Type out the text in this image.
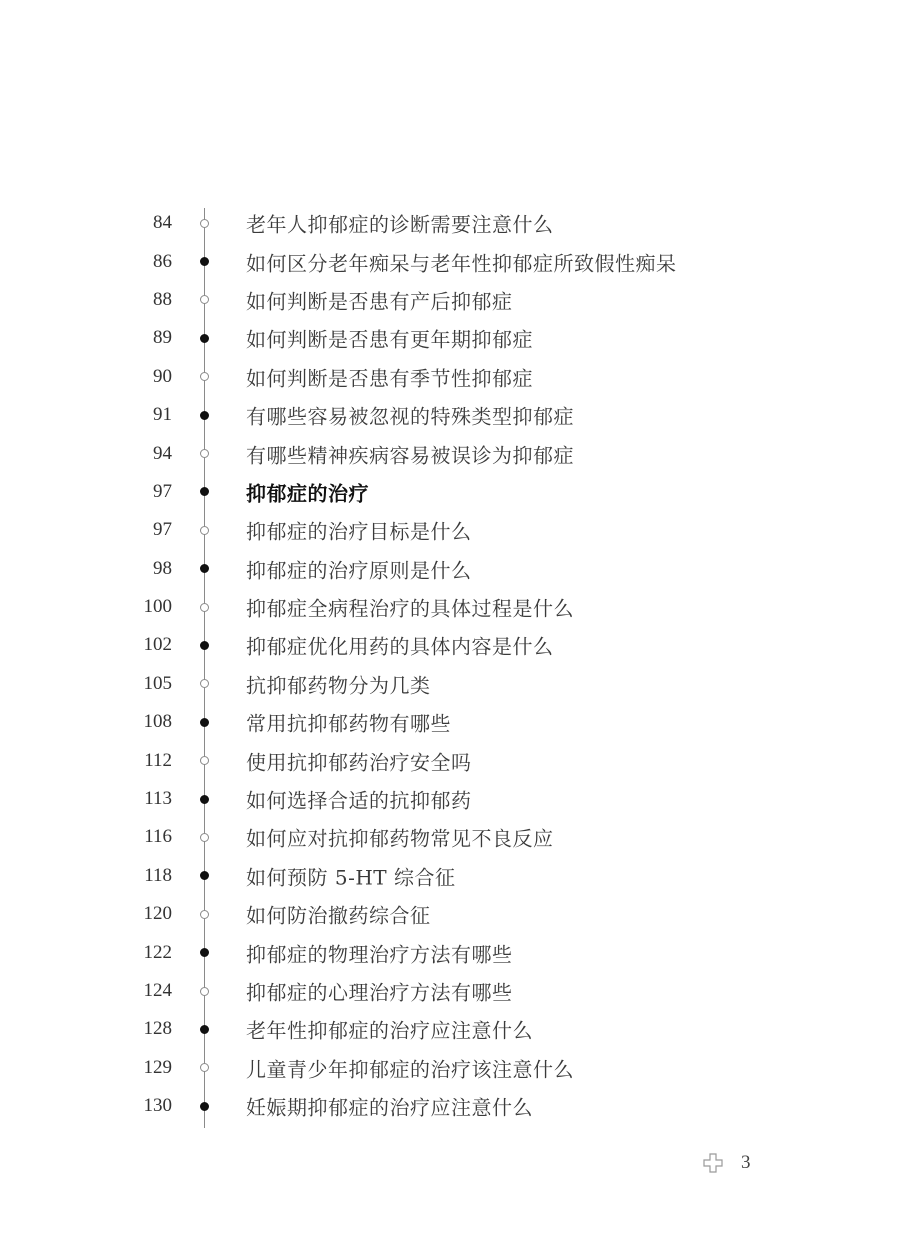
84	老年人抑郁症的诊断需要注意什么
86	如何区分老年痴呆与老年性抑郁症所致假性痴呆
88	如何判断是否患有产后抑郁症
89	如何判断是否患有更年期抑郁症
90	如何判断是否患有季节性抑郁症
91	有哪些容易被忽视的特殊类型抑郁症
94	有哪些精神疾病容易被误诊为抑郁症
97	抑郁症的治疗
97	抑郁症的治疗目标是什么
98	抑郁症的治疗原则是什么
100	抑郁症全病程治疗的具体过程是什么
102	抑郁症优化用药的具体内容是什么
105	抗抑郁药物分为几类
108	常用抗抑郁药物有哪些
112	使用抗抑郁药治疗安全吗
113	如何选择合适的抗抑郁药
116	如何应对抗抑郁药物常见不良反应
118	如何预防 5-HT 综合征
120	如何防治撤药综合征
122	抑郁症的物理治疗方法有哪些
124	抑郁症的心理治疗方法有哪些
128	老年性抑郁症的治疗应注意什么
129	儿童青少年抑郁症的治疗该注意什么
130	妊娠期抑郁症的治疗应注意什么
3
